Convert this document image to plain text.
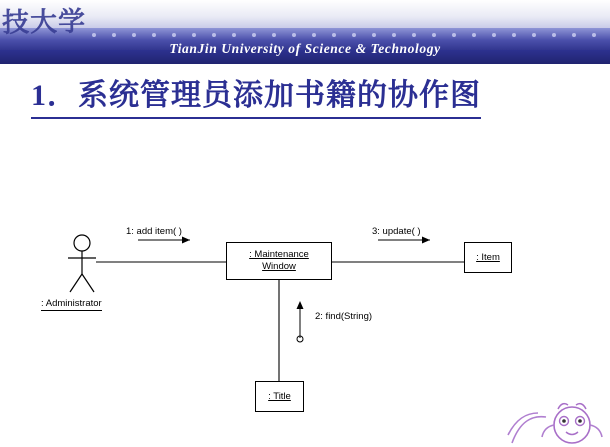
技大学
TianJin University of Science & Technology
1．系统管理员添加书籍的协作图
: Maintenance
Window
: Item
: Title
: Administrator
1: add item( )
2: find(String)
3: update( )
